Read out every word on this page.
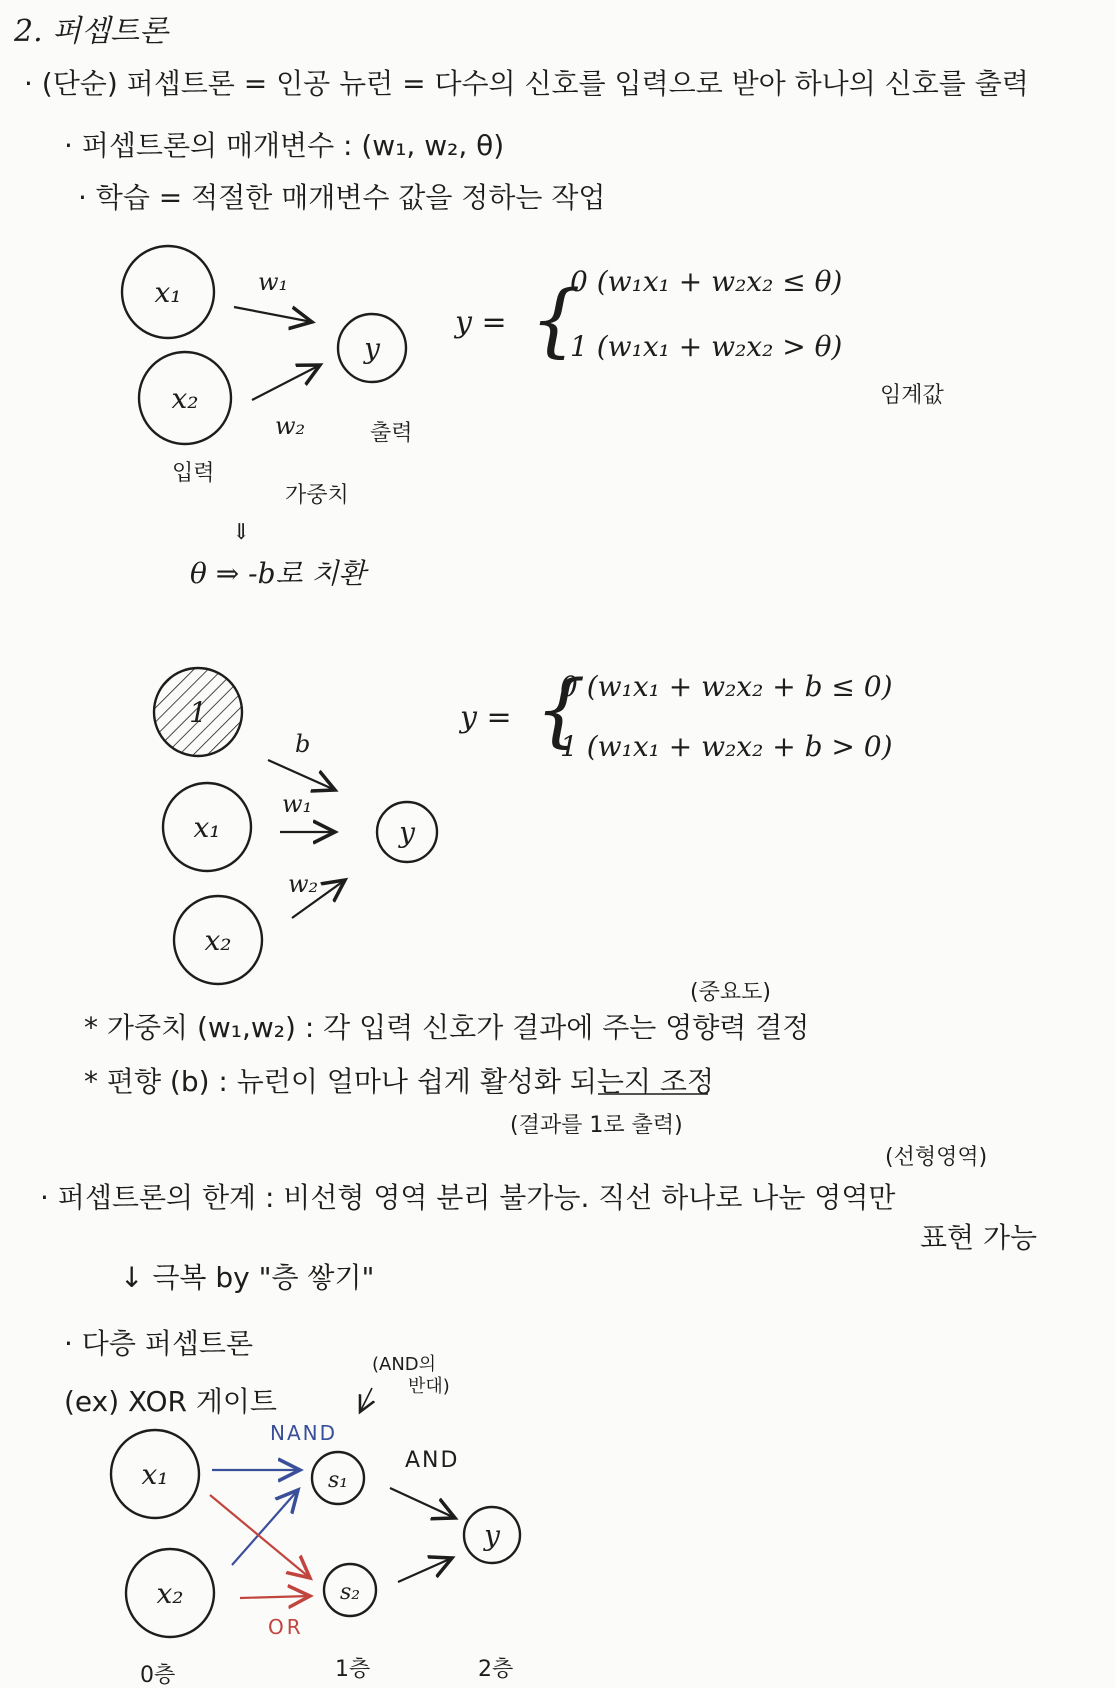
2. 퍼셉트론
· (단순) 퍼셉트론 = 인공 뉴런 = 다수의 신호를 입력으로 받아 하나의 신호를 출력
· 퍼셉트론의 매개변수 : (w₁, w₂, θ)
· 학습 = 적절한 매개변수 값을 정하는 작업
y = {
0 (w₁x₁ + w₂x₂ ≤ θ)
1 (w₁x₁ + w₂x₂ > θ)
임계값
⇓
θ ⇒ -b로 치환
y = {
0 (w₁x₁ + w₂x₂ + b ≤ 0)
1 (w₁x₁ + w₂x₂ + b > 0)
(중요도)
* 가중치 (w₁,w₂) : 각 입력 신호가 결과에 주는 영향력 결정
* 편향 (b) : 뉴런이 얼마나 쉽게 활성화 되는지 조정
(결과를 1로 출력)
(선형영역)
· 퍼셉트론의 한계 : 비선형 영역 분리 불가능. 직선 하나로 나눈 영역만
표현 가능
↓ 극복 by "층 쌓기"
· 다층 퍼셉트론
(ex) XOR 게이트
(AND의
반대)
x₁
x₂
y
w₁
w₂
입력
가중치
출력
1
x₁
x₂
y
b
w₁
w₂
x₁
x₂
s₁
s₂
y
NAND
AND
OR
0층	1층	2층
